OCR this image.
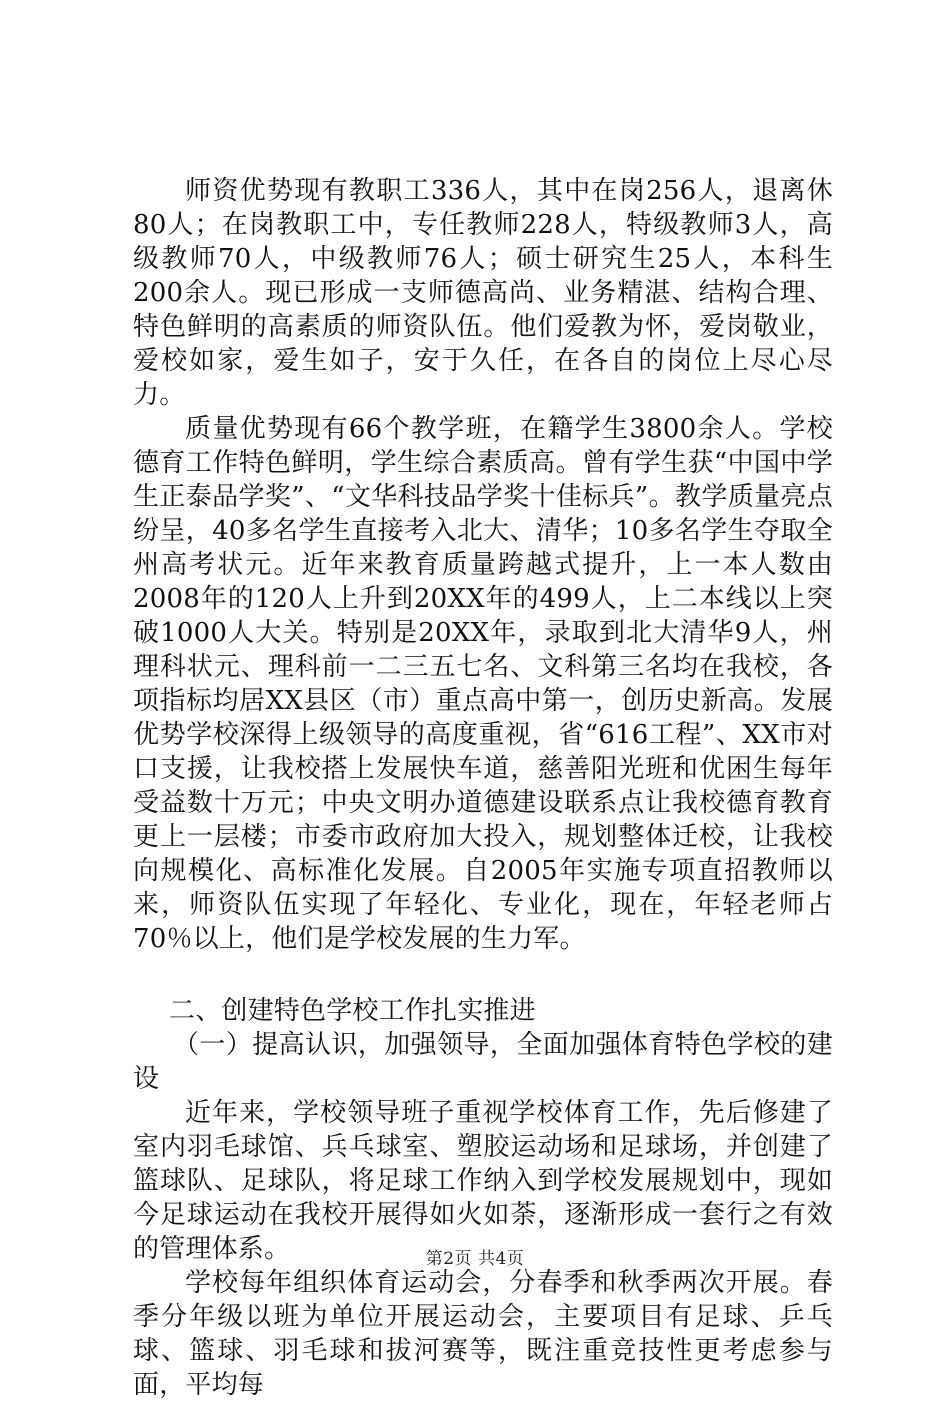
师资优势现有教职工336人，其中在岗256人，退离休80人；在岗教职工中，专任教师228人，特级教师3人，高级教师70人，中级教师76人；硕士研究生25人，本科生200余人。现已形成一支师德高尚、业务精湛、结构合理、特色鲜明的高素质的师资队伍。他们爱教为怀，爱岗敬业，爱校如家，爱生如子，安于久任，在各自的岗位上尽心尽力。

质量优势现有66个教学班，在籍学生3800余人。学校德育工作特色鲜明，学生综合素质高。曾有学生获“中国中学生正泰品学奖”、“文华科技品学奖十佳标兵”。教学质量亮点纷呈，40多名学生直接考入北大、清华；10多名学生夺取全州高考状元。近年来教育质量跨越式提升，上一本人数由2008年的120人上升到20XX年的499人，上二本线以上突破1000人大关。特别是20XX年，录取到北大清华9人，州理科状元、理科前一二三五七名、文科第三名均在我校，各项指标均居XX县区（市）重点高中第一，创历史新高。发展优势学校深得上级领导的高度重视，省“616工程”、XX市对口支援，让我校搭上发展快车道，慈善阳光班和优困生每年受益数十万元；中央文明办道德建设联系点让我校德育教育更上一层楼；市委市政府加大投入，规划整体迁校，让我校向规模化、高标准化发展。自2005年实施专项直招教师以来，师资队伍实现了年轻化、专业化，现在，年轻老师占70％以上，他们是学校发展的生力军。

二、创建特色学校工作扎实推进

（一）提高认识，加强领导，全面加强体育特色学校的建设

近年来，学校领导班子重视学校体育工作，先后修建了室内羽毛球馆、兵乓球室、塑胶运动场和足球场，并创建了篮球队、足球队，将足球工作纳入到学校发展规划中，现如今足球运动在我校开展得如火如荼，逐渐形成一套行之有效的管理体系。

学校每年组织体育运动会，分春季和秋季两次开展。春季分年级以班为单位开展运动会，主要项目有足球、乒乓球、篮球、羽毛球和拔河赛等，既注重竞技性更考虑参与面，平均每

第2页 共4页
